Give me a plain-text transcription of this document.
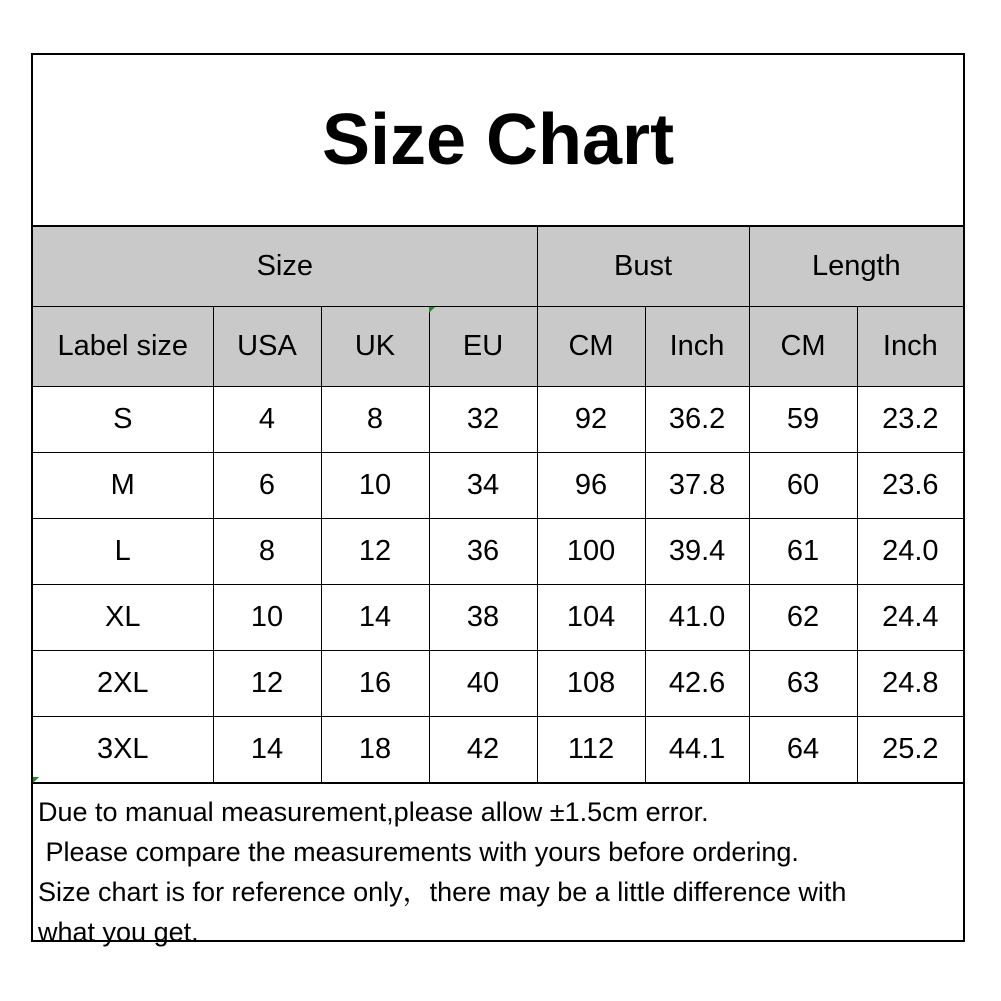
Size Chart
Size				Bust		Length	
Label size	USA	UK	EU	CM	Inch	CM	Inch
S	4	8	32	92	36.2	59	23.2
M	6	10	34	96	37.8	60	23.6
L	8	12	36	100	39.4	61	24.0
XL	10	14	38	104	41.0	62	24.4
2XL	12	16	40	108	42.6	63	24.8
3XL	14	18	42	112	44.1	64	25.2
Due to manual measurement,please allow ±1.5cm error.
Please compare the measurements with yours before ordering.
Size chart is for reference only，there may be a little difference with
what you get.
